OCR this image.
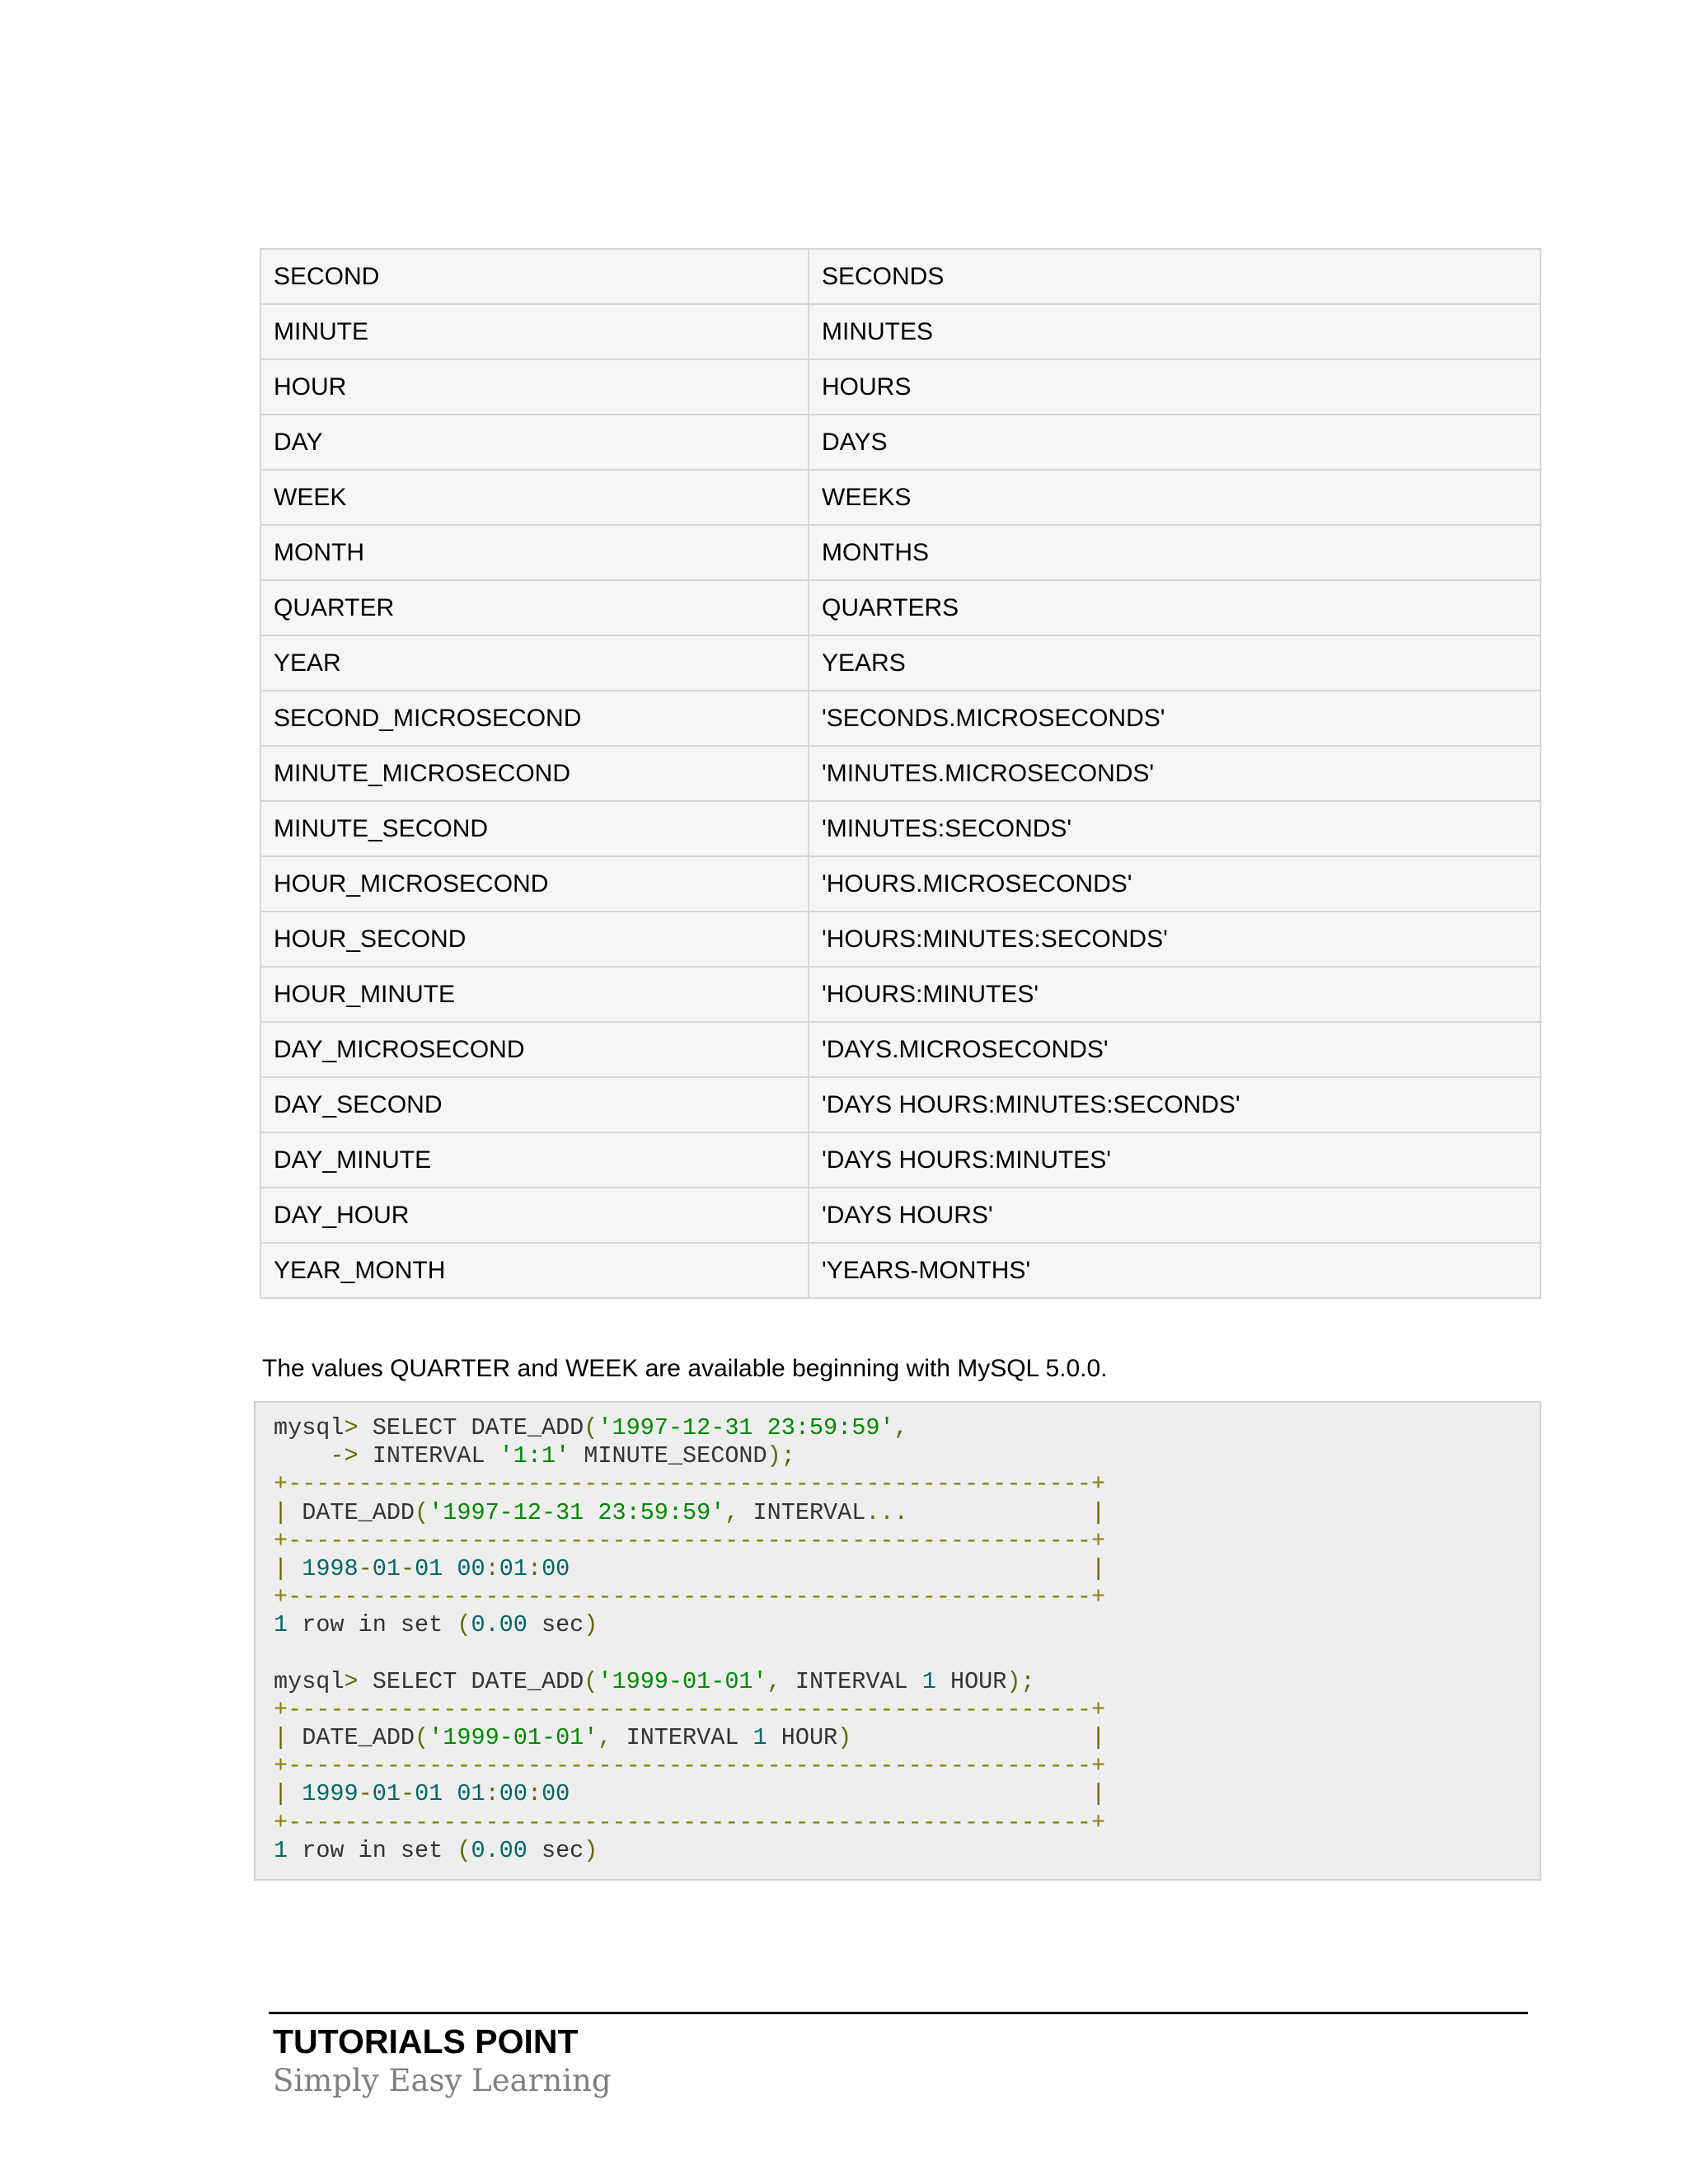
SECOND	SECONDS
MINUTE	MINUTES
HOUR	HOURS
DAY	DAYS
WEEK	WEEKS
MONTH	MONTHS
QUARTER	QUARTERS
YEAR	YEARS
SECOND_MICROSECOND	'SECONDS.MICROSECONDS'
MINUTE_MICROSECOND	'MINUTES.MICROSECONDS'
MINUTE_SECOND	'MINUTES:SECONDS'
HOUR_MICROSECOND	'HOURS.MICROSECONDS'
HOUR_SECOND	'HOURS:MINUTES:SECONDS'
HOUR_MINUTE	'HOURS:MINUTES'
DAY_MICROSECOND	'DAYS.MICROSECONDS'
DAY_SECOND	'DAYS HOURS:MINUTES:SECONDS'
DAY_MINUTE	'DAYS HOURS:MINUTES'
DAY_HOUR	'DAYS HOURS'
YEAR_MONTH	'YEARS-MONTHS'
The values QUARTER and WEEK are available beginning with MySQL 5.0.0.
mysql> SELECT DATE_ADD('1997-12-31 23:59:59',
-> INTERVAL '1:1' MINUTE_SECOND);
+---------------------------------------------------------+
| DATE_ADD('1997-12-31 23:59:59', INTERVAL...	|
+---------------------------------------------------------+
| 1998-01-01 00:01:00	|
+---------------------------------------------------------+
1 row in set (0.00 sec)
mysql> SELECT DATE_ADD('1999-01-01', INTERVAL 1 HOUR);
+---------------------------------------------------------+
| DATE_ADD('1999-01-01', INTERVAL 1 HOUR)	|
+---------------------------------------------------------+
| 1999-01-01 01:00:00	|
+---------------------------------------------------------+
1 row in set (0.00 sec)
TUTORIALS POINT
Simply Easy Learning
